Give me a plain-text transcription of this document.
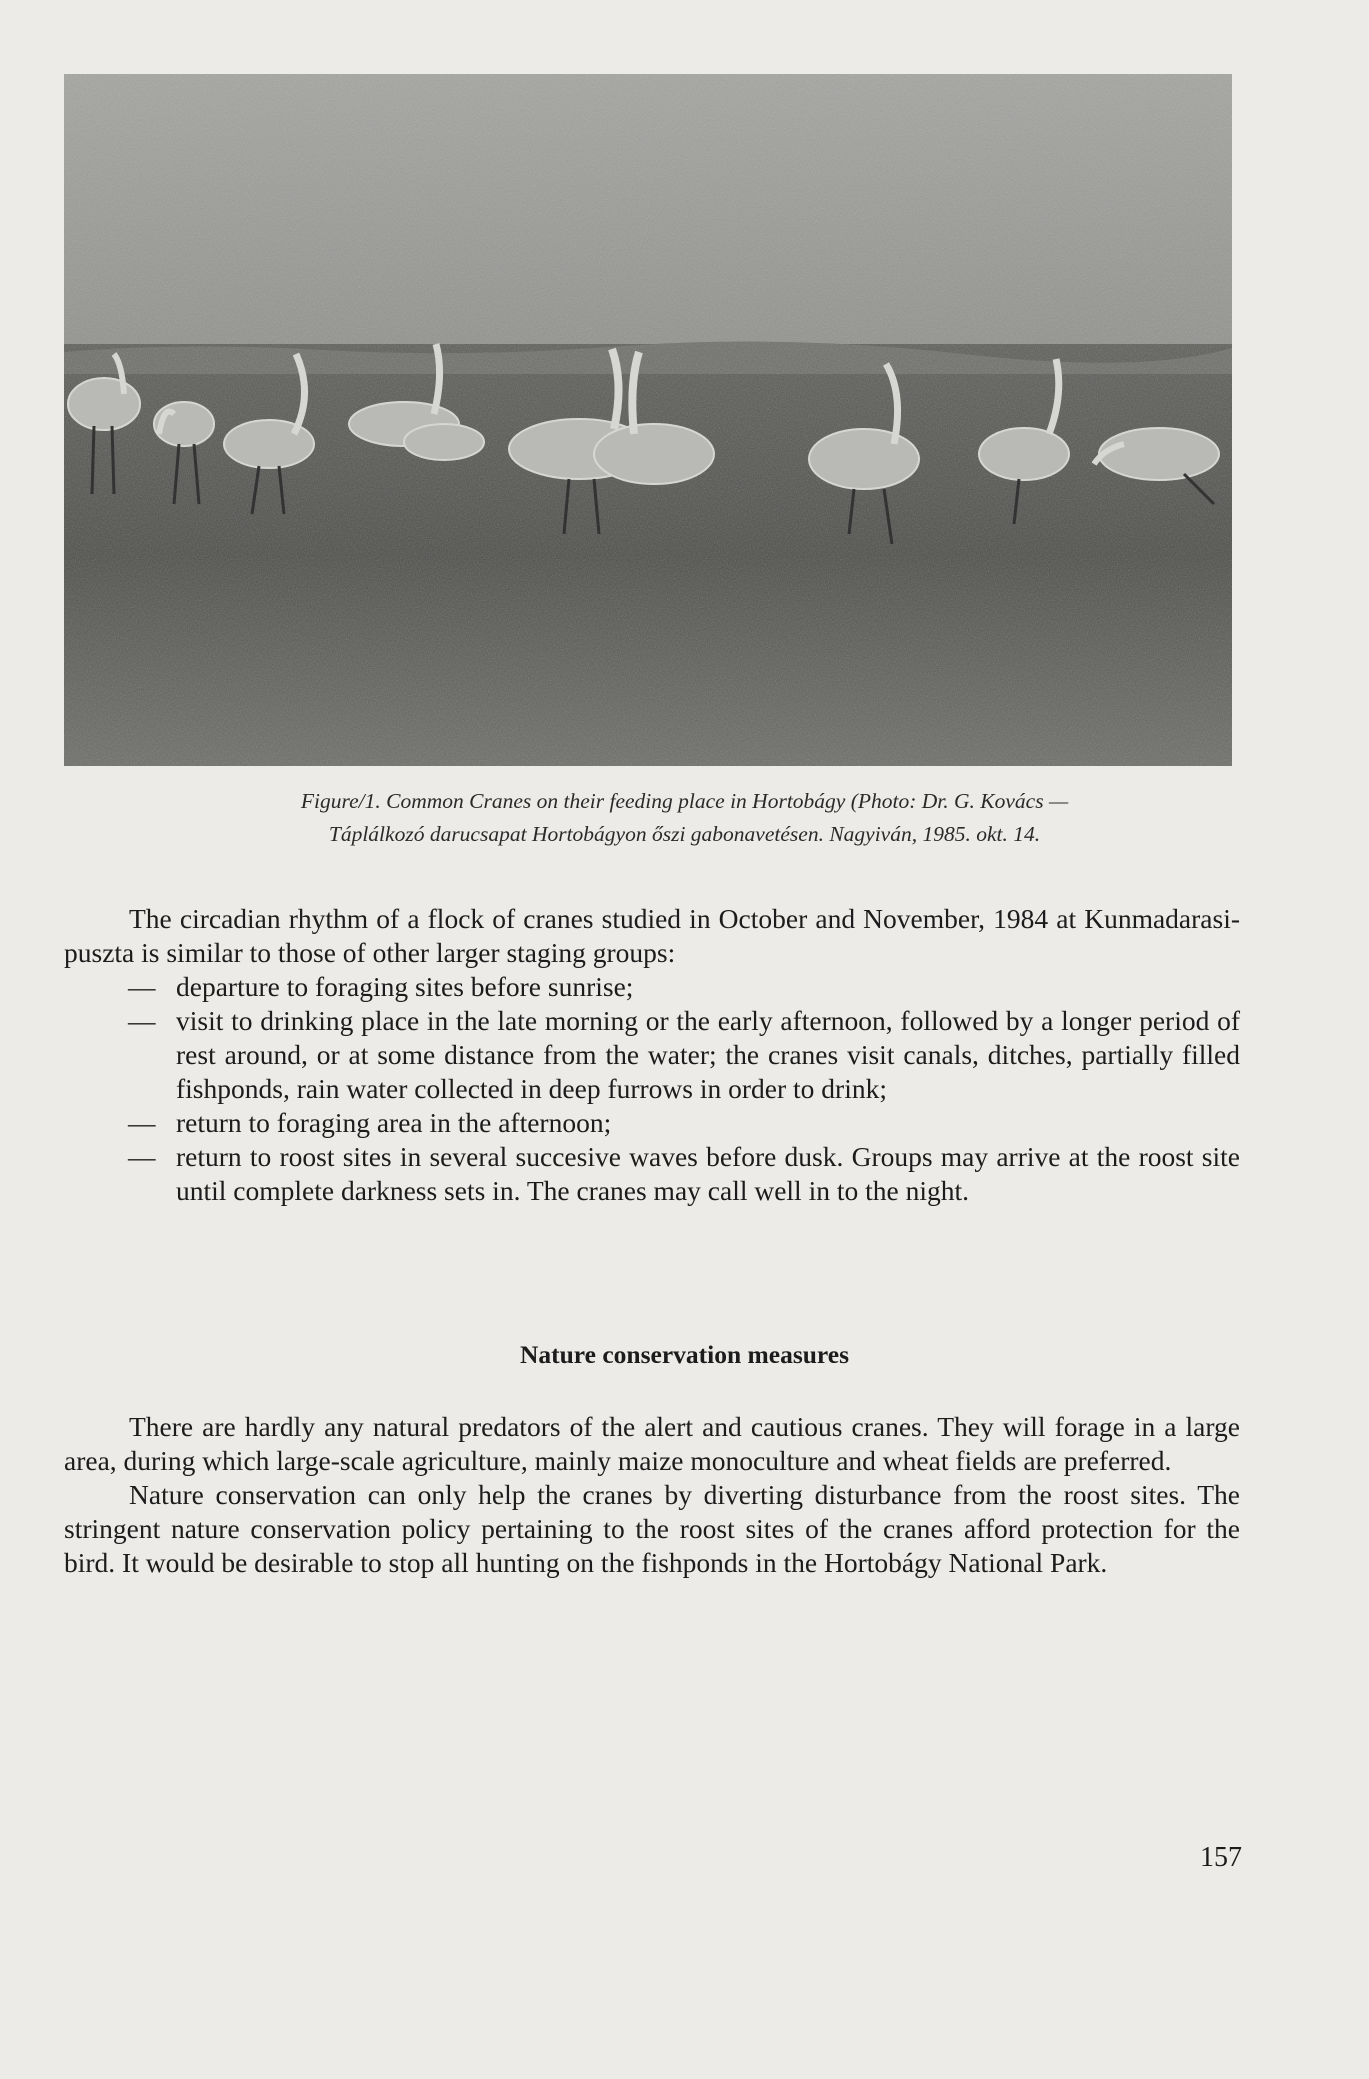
Figure/1. Common Cranes on their feeding place in Hortobágy (Photo: Dr. G. Kovács —
Táplálkozó darucsapat Hortobágyon őszi gabonavetésen. Nagyiván, 1985. okt. 14.

The circadian rhythm of a flock of cranes studied in October and November, 1984 at Kunmadarasi-puszta is similar to those of other larger staging groups:

— departure to foraging sites before sunrise;
— visit to drinking place in the late morning or the early afternoon, followed by a longer period of rest around, or at some distance from the water; the cranes visit canals, ditches, partially filled fishponds, rain water collected in deep furrows in order to drink;
— return to foraging area in the afternoon;
— return to roost sites in several succesive waves before dusk. Groups may arrive at the roost site until complete darkness sets in. The cranes may call well in to the night.
Nature conservation measures

There are hardly any natural predators of the alert and cautious cranes. They will forage in a large area, during which large-scale agriculture, mainly maize monoculture and wheat fields are preferred.

Nature conservation can only help the cranes by diverting disturbance from the roost sites. The stringent nature conservation policy pertaining to the roost sites of the cranes afford protection for the bird. It would be desirable to stop all hunting on the fishponds in the Hortobágy National Park.

157
